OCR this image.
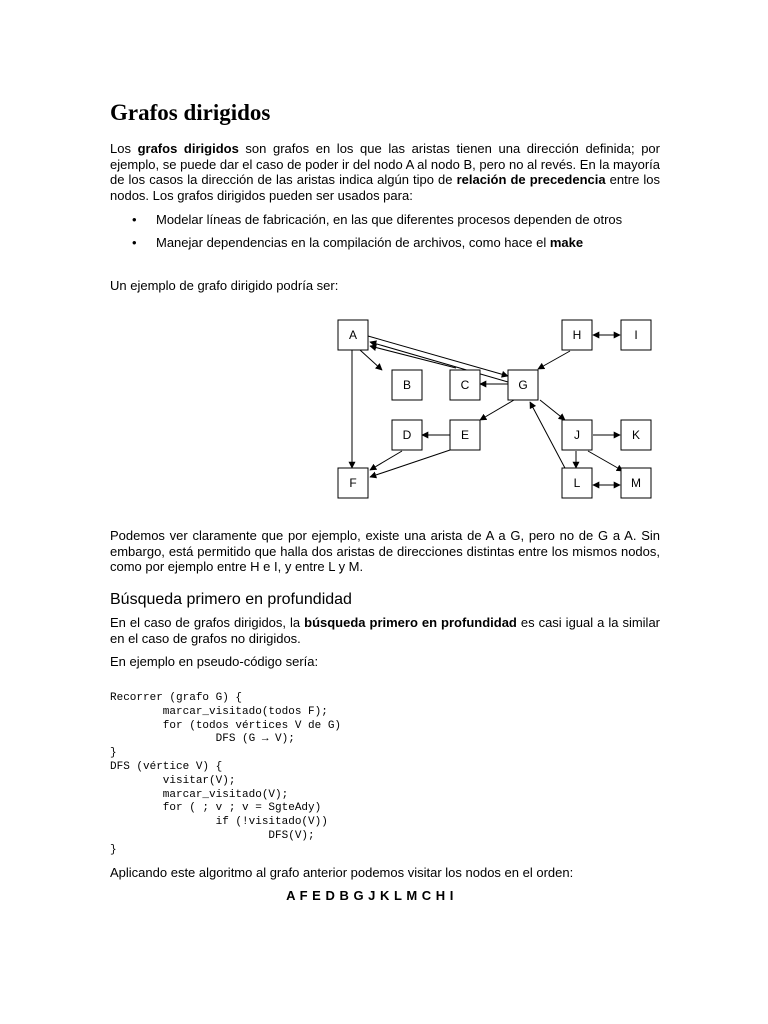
Grafos dirigidos

Los grafos dirigidos son grafos en los que las aristas tienen una dirección definida; por ejemplo, se puede dar el caso de poder ir del nodo A al nodo B, pero no al revés. En la mayoría de los casos la dirección de las aristas indica algún tipo de relación de precedencia entre los nodos. Los grafos dirigidos pueden ser usados para:

• Modelar líneas de fabricación, en las que diferentes procesos dependen de otros
• Manejar dependencias en la compilación de archivos, como hace el make

Un ejemplo de grafo dirigido podría ser:

A
B	C
D	E
F
G
H	I
J	K
L	M

Podemos ver claramente que por ejemplo, existe una arista de A a G, pero no de G a A. Sin embargo, está permitido que halla dos aristas de direcciones distintas entre los mismos nodos, como por ejemplo entre H e I, y entre L y M.

Búsqueda primero en profundidad

En el caso de grafos dirigidos, la búsqueda primero en profundidad es casi igual a la similar en el caso de grafos no dirigidos.

En ejemplo en pseudo-código sería:

Recorrer (grafo G) {
marcar_visitado(todos F);
for (todos vértices V de G)
DFS (G → V);
}
DFS (vértice V) {
visitar(V);
marcar_visitado(V);
for ( ; v ; v = SgteAdy)
if (!visitado(V))
DFS(V);
}

Aplicando este algoritmo al grafo anterior podemos visitar los nodos en el orden:

A F E D B G J K L M C H I
